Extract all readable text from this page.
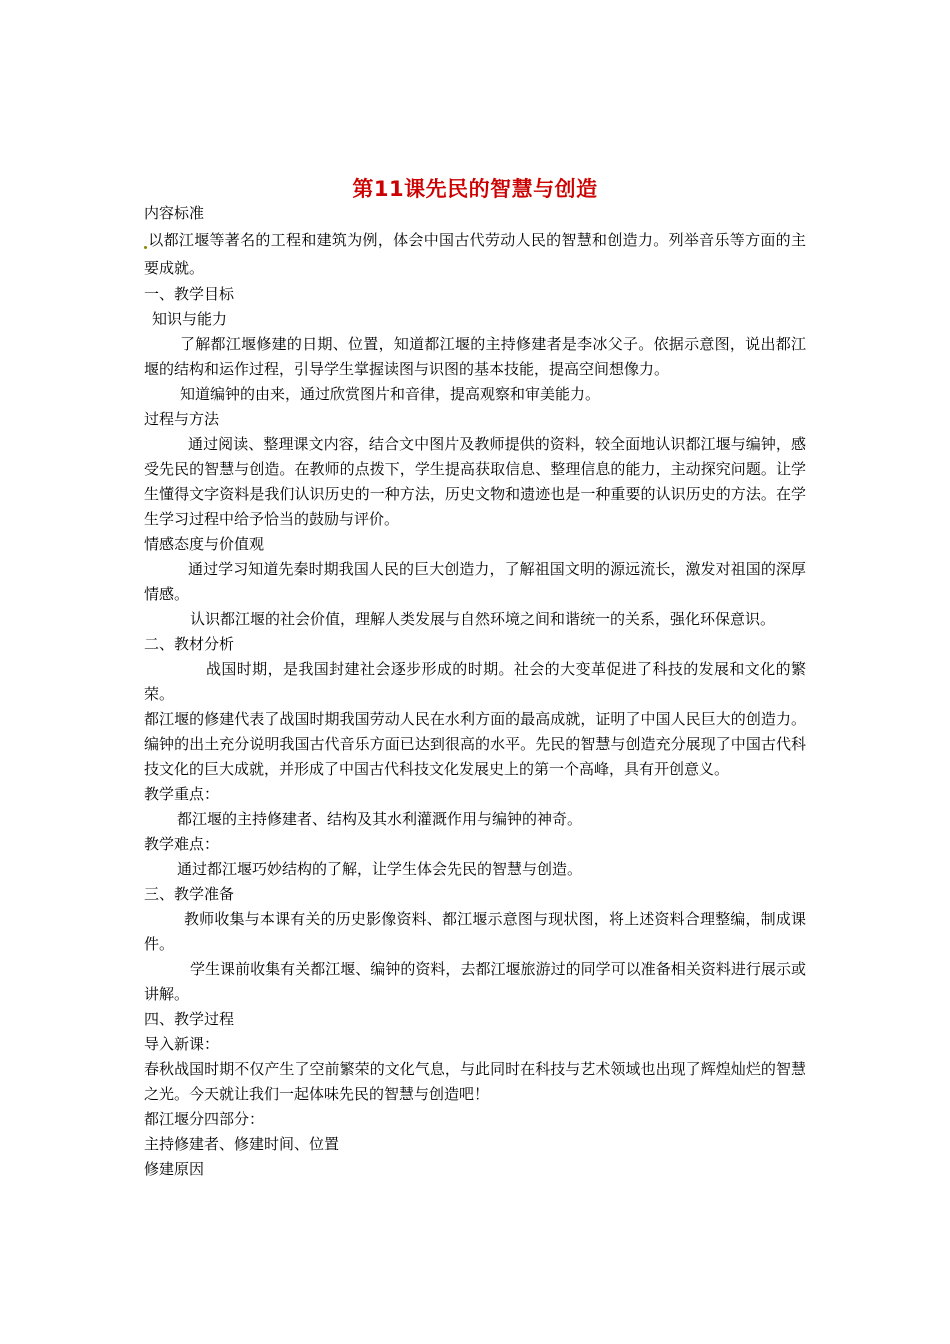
第11课先民的智慧与创造

内容标准

以都江堰等著名的工程和建筑为例，体会中国古代劳动人民的智慧和创造力。列举音乐等方面的主要成就。

一、教学目标

知识与能力

了解都江堰修建的日期、位置，知道都江堰的主持修建者是李冰父子。依据示意图，说出都江堰的结构和运作过程，引导学生掌握读图与识图的基本技能，提高空间想像力。

知道编钟的由来，通过欣赏图片和音律，提高观察和审美能力。

过程与方法

通过阅读、整理课文内容，结合文中图片及教师提供的资料，较全面地认识都江堰与编钟，感受先民的智慧与创造。在教师的点拨下，学生提高获取信息、整理信息的能力，主动探究问题。让学生懂得文字资料是我们认识历史的一种方法，历史文物和遗迹也是一种重要的认识历史的方法。在学生学习过程中给予恰当的鼓励与评价。

情感态度与价值观

通过学习知道先秦时期我国人民的巨大创造力，了解祖国文明的源远流长，激发对祖国的深厚情感。

认识都江堰的社会价值，理解人类发展与自然环境之间和谐统一的关系，强化环保意识。

二、教材分析

战国时期，是我国封建社会逐步形成的时期。社会的大变革促进了科技的发展和文化的繁荣。

都江堰的修建代表了战国时期我国劳动人民在水利方面的最高成就，证明了中国人民巨大的创造力。编钟的出土充分说明我国古代音乐方面已达到很高的水平。先民的智慧与创造充分展现了中国古代科技文化的巨大成就，并形成了中国古代科技文化发展史上的第一个高峰，具有开创意义。

教学重点：

都江堰的主持修建者、结构及其水利灌溉作用与编钟的神奇。

教学难点：

通过都江堰巧妙结构的了解，让学生体会先民的智慧与创造。

三、教学准备

教师收集与本课有关的历史影像资料、都江堰示意图与现状图，将上述资料合理整编，制成课件。

学生课前收集有关都江堰、编钟的资料，去都江堰旅游过的同学可以准备相关资料进行展示或讲解。

四、教学过程

导入新课：

春秋战国时期不仅产生了空前繁荣的文化气息，与此同时在科技与艺术领域也出现了辉煌灿烂的智慧之光。今天就让我们一起体味先民的智慧与创造吧！

都江堰分四部分：

主持修建者、修建时间、位置

修建原因
